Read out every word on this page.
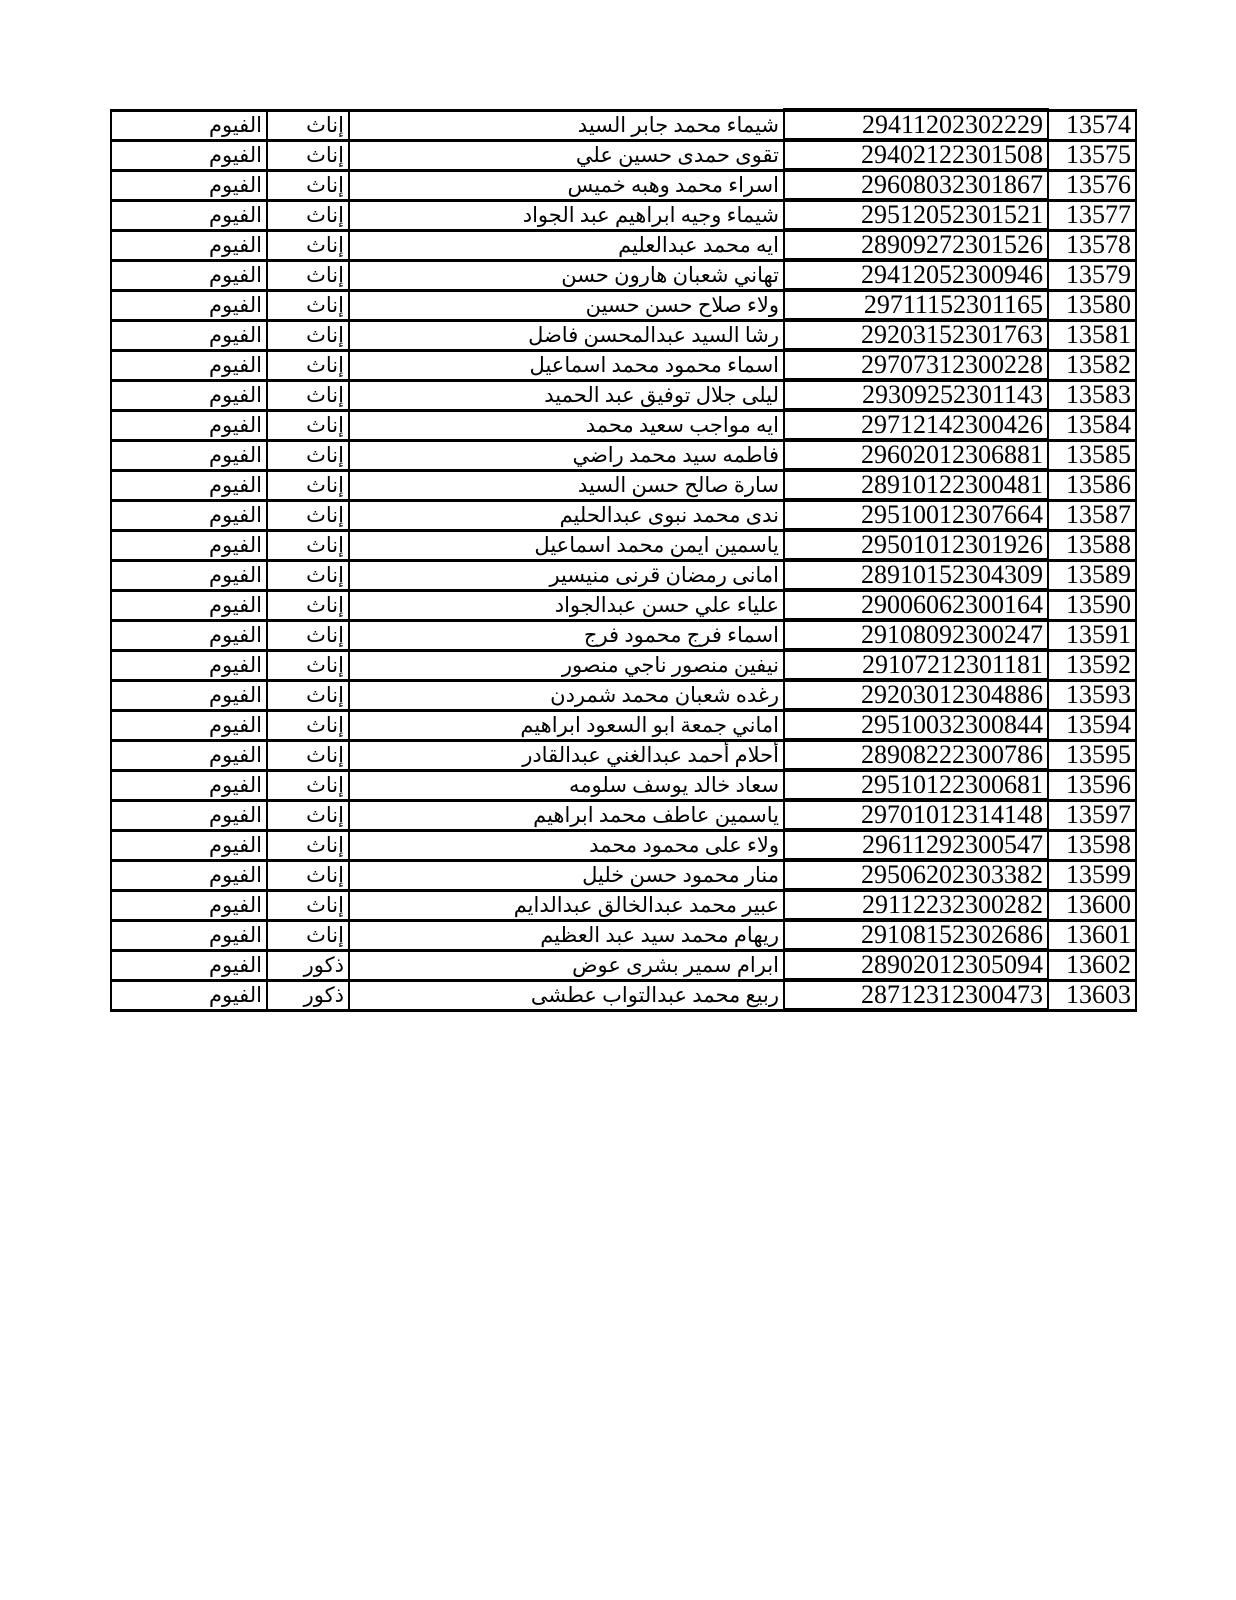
13574	29411202302229	شيماء محمد جابر السيد	إناث	الفيوم
13575	29402122301508	تقوى حمدى حسين علي	إناث	الفيوم
13576	29608032301867	اسراء محمد وهبه خميس	إناث	الفيوم
13577	29512052301521	شيماء وجيه ابراهيم عبد الجواد	إناث	الفيوم
13578	28909272301526	ايه محمد عبدالعليم	إناث	الفيوم
13579	29412052300946	تهاني شعبان هارون حسن	إناث	الفيوم
13580	29711152301165	ولاء صلاح حسن حسين	إناث	الفيوم
13581	29203152301763	رشا السيد عبدالمحسن فاضل	إناث	الفيوم
13582	29707312300228	اسماء محمود محمد اسماعيل	إناث	الفيوم
13583	29309252301143	ليلى جلال توفيق عبد الحميد	إناث	الفيوم
13584	29712142300426	ايه مواجب سعيد محمد	إناث	الفيوم
13585	29602012306881	فاطمه سيد محمد راضي	إناث	الفيوم
13586	28910122300481	سارة صالح حسن السيد	إناث	الفيوم
13587	29510012307664	ندى محمد نبوى عبدالحليم	إناث	الفيوم
13588	29501012301926	ياسمين ايمن محمد اسماعيل	إناث	الفيوم
13589	28910152304309	امانى رمضان قرنى منيسير	إناث	الفيوم
13590	29006062300164	علياء علي حسن عبدالجواد	إناث	الفيوم
13591	29108092300247	اسماء فرج محمود فرج	إناث	الفيوم
13592	29107212301181	نيفين منصور ناجي منصور	إناث	الفيوم
13593	29203012304886	رغده شعبان محمد شمردن	إناث	الفيوم
13594	29510032300844	اماني جمعة ابو السعود ابراهيم	إناث	الفيوم
13595	28908222300786	أحلام أحمد عبدالغني عبدالقادر	إناث	الفيوم
13596	29510122300681	سعاد خالد يوسف سلومه	إناث	الفيوم
13597	29701012314148	ياسمين عاطف محمد ابراهيم	إناث	الفيوم
13598	29611292300547	ولاء على محمود محمد	إناث	الفيوم
13599	29506202303382	منار محمود حسن خليل	إناث	الفيوم
13600	29112232300282	عبير محمد عبدالخالق عبدالدايم	إناث	الفيوم
13601	29108152302686	ريهام محمد سيد عبد العظيم	إناث	الفيوم
13602	28902012305094	ابرام سمير بشرى عوض	ذكور	الفيوم
13603	28712312300473	ربيع محمد عبدالتواب عطشى	ذكور	الفيوم
